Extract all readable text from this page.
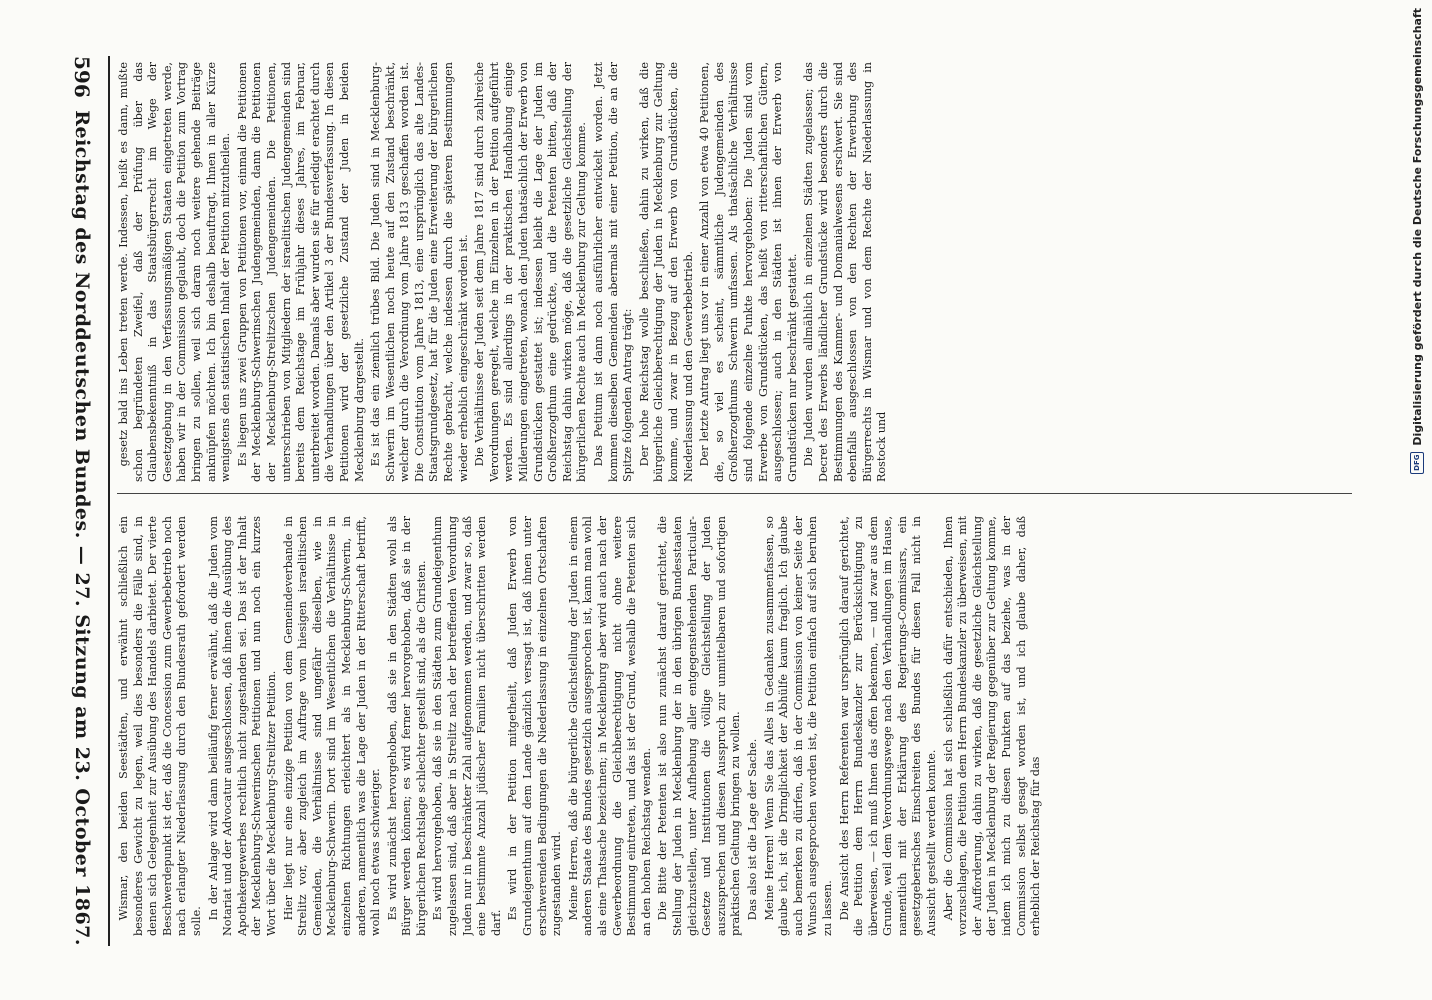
DFG
Digitalisierung gefördert durch die Deutsche Forschungsgemeinschaft

gesetz bald ins Leben treten werde. Indessen, heißt es dann, mußte schon begründeten Zweifel, daß der Prüfung über das Glaubensbekenntniß in das Staatsbürgerrecht im Wege der Gesetzgebung in den Verfassungsmäßigen Staaten eingetreten werde, haben wir in der Commission geglaubt, doch die Petition zum Vortrag bringen zu sollen, weil sich daran noch weitere gehende Beiträge anknüpfen möchten. Ich bin deshalb beauftragt, Ihnen in aller Kürze wenigstens den statistischen Inhalt der Petition mitzutheilen. Es liegen uns zwei Gruppen von Petitionen vor, einmal die Petitionen der Mecklenburg-Schwerinschen Judengemeinden, dann die Petitionen der Mecklenburg-Strelitzschen Judengemeinden. Die Petitionen, unterschrieben von Mitgliedern der israelitischen Judengemeinden sind bereits dem Reichstage im Frühjahr dieses Jahres, im Februar, unterbreitet worden. Damals aber wurden sie für erledigt erachtet durch die Verhandlungen über den Artikel 3 der Bundesverfassung. In diesen Petitionen wird der gesetzliche Zustand der Juden in beiden Mecklenburg dargestellt. Es ist das ein ziemlich trübes Bild. Die Juden sind in Mecklenburg-Schwerin im Wesentlichen noch heute auf den Zustand beschränkt, welcher durch die Verordnung vom Jahre 1813 geschaffen worden ist. Die Constitution vom Jahre 1813, eine ursprünglich das alte Landes-Staatsgrundgesetz, hat für die Juden eine Erweiterung der bürgerlichen Rechte gebracht, welche indessen durch die späteren Bestimmungen wieder erheblich eingeschränkt worden ist. Die Verhältnisse der Juden seit dem Jahre 1817 sind durch zahlreiche Verordnungen geregelt, welche im Einzelnen in der Petition aufgeführt werden. Es sind allerdings in der praktischen Handhabung einige Milderungen eingetreten, wonach den Juden thatsächlich der Erwerb von Grundstücken gestattet ist; indessen bleibt die Lage der Juden im Großherzogthum eine gedrückte, und die Petenten bitten, daß der Reichstag dahin wirken möge, daß die gesetzliche Gleichstellung der bürgerlichen Rechte auch in Mecklenburg zur Geltung komme. Das Petitum ist dann noch ausführlicher entwickelt worden. Jetzt kommen dieselben Gemeinden abermals mit einer Petition, die an der Spitze folgenden Antrag trägt: Der hohe Reichstag wolle beschließen, dahin zu wirken, daß die bürgerliche Gleichberechtigung der Juden in Mecklenburg zur Geltung komme, und zwar in Bezug auf den Erwerb von Grundstücken, die Niederlassung und den Gewerbebetrieb. Der letzte Antrag liegt uns vor in einer Anzahl von etwa 40 Petitionen, die, so viel es scheint, sämmtliche Judengemeinden des Großherzogthums Schwerin umfassen. Als thatsächliche Verhältnisse sind folgende einzelne Punkte hervorgehoben: Die Juden sind vom Erwerbe von Grundstücken, das heißt von ritterschaftlichen Gütern, ausgeschlossen; auch in den Städten ist ihnen der Erwerb von Grundstücken nur beschränkt gestattet. Die Juden wurden allmählich in einzelnen Städten zugelassen; das Decret des Erwerbs ländlicher Grundstücke wird besonders durch die Bestimmungen des Kammer- und Domanialwesens erschwert. Sie sind ebenfalls ausgeschlossen von den Rechten der Erwerbung des Bürgerrechts in Wismar und von dem Rechte der Niederlassung in Rostock und

Wismar, den beiden Seestädten, und erwähnt schließlich ein besonderes Gewicht zu legen, weil dies besonders die Fälle sind, in denen sich Gelegenheit zur Ausübung des Handels darbietet. Der vierte Beschwerdepunkt ist der, daß die Concession zum Gewerbebetrieb noch nach erlangter Niederlassung durch den Bundesrath gefordert werden solle.

In der Anlage wird dann beiläufig ferner erwähnt, daß die Juden vom Notariat und der Advocatur ausgeschlossen, daß ihnen die Ausübung des Apothekergewerbes rechtlich nicht zugestanden sei. Das ist der Inhalt der Mecklenburg-Schwerinschen Petitionen und nun noch ein kurzes Wort über die Mecklenburg-Strelitzer Petition. Hier liegt nur eine einzige Petition von dem Gemeindeverbande in Strelitz vor, aber zugleich im Auftrage vom hiesigen israelitischen Gemeinden, die Verhältnisse sind ungefähr dieselben, wie in Mecklenburg-Schwerin. Dort sind im Wesentlichen die Verhältnisse in einzelnen Richtungen erleichtert als in Mecklenburg-Schwerin, in anderen, namentlich was die Lage der Juden in der Ritterschaft betrifft, wohl noch etwas schwieriger. Es wird zunächst hervorgehoben, daß sie in den Städten wohl als Bürger werden können; es wird ferner hervorgehoben, daß sie in der bürgerlichen Rechtslage schlechter gestellt sind, als die Christen. Es wird hervorgehoben, daß sie in den Städten zum Grundeigenthum zugelassen sind, daß aber in Strelitz nach der betreffenden Verordnung Juden nur in beschränkter Zahl aufgenommen werden, und zwar so, daß eine bestimmte Anzahl jüdischer Familien nicht überschritten werden darf.

Es wird in der Petition mitgetheilt, daß Juden Erwerb von Grundeigenthum auf dem Lande gänzlich versagt ist, daß ihnen unter erschwerenden Bedingungen die Niederlassung in einzelnen Ortschaften zugestanden wird. Meine Herren, daß die bürgerliche Gleichstellung der Juden in einem anderen Staate des Bundes gesetzlich ausgesprochen ist, kann man wohl als eine Thatsache bezeichnen; in Mecklenburg aber wird auch nach der Gewerbeordnung die Gleichberechtigung nicht ohne weitere Bestimmung eintreten, und das ist der Grund, weshalb die Petenten sich an den hohen Reichstag wenden. Die Bitte der Petenten ist also nun zunächst darauf gerichtet, die Stellung der Juden in Mecklenburg der in den übrigen Bundesstaaten gleichzustellen, unter Aufhebung aller entgegenstehenden Particular-Gesetze und Institutionen die völlige Gleichstellung der Juden auszusprechen und diesen Ausspruch zur unmittelbaren und sofortigen praktischen Geltung bringen zu wollen. Das also ist die Lage der Sache. Meine Herren! Wenn Sie das Alles in Gedanken zusammenfassen, so glaube ich, ist die Dringlichkeit der Abhülfe kaum fraglich. Ich glaube auch bemerken zu dürfen, daß in der Commission von keiner Seite der Wunsch ausgesprochen worden ist, die Petition einfach auf sich beruhen zu lassen. Die Ansicht des Herrn Referenten war ursprünglich darauf gerichtet, die Petition dem Herrn Bundeskanzler zur Berücksichtigung zu überweisen, — ich muß Ihnen das offen bekennen, — und zwar aus dem Grunde, weil dem Verordnungswege nach den Verhandlungen im Hause, namentlich mit der Erklärung des Regierungs-Commissars, ein gesetzgeberisches Einschreiten des Bundes für diesen Fall nicht in Aussicht gestellt werden konnte. Aber die Commission hat sich schließlich dafür entschieden, Ihnen vorzuschlagen, die Petition dem Herrn Bundeskanzler zu überweisen, mit der Aufforderung, dahin zu wirken, daß die gesetzliche Gleichstellung der Juden in Mecklenburg der Regierung gegenüber zur Geltung komme, indem ich mich zu diesen Punkten auf das beziehe, was in der Commission selbst gesagt worden ist, und ich glaube daher, daß erheblich der Reichstag für das

596
Reichstag des Norddeutschen Bundes. — 27. Sitzung am 23. October 1867.
